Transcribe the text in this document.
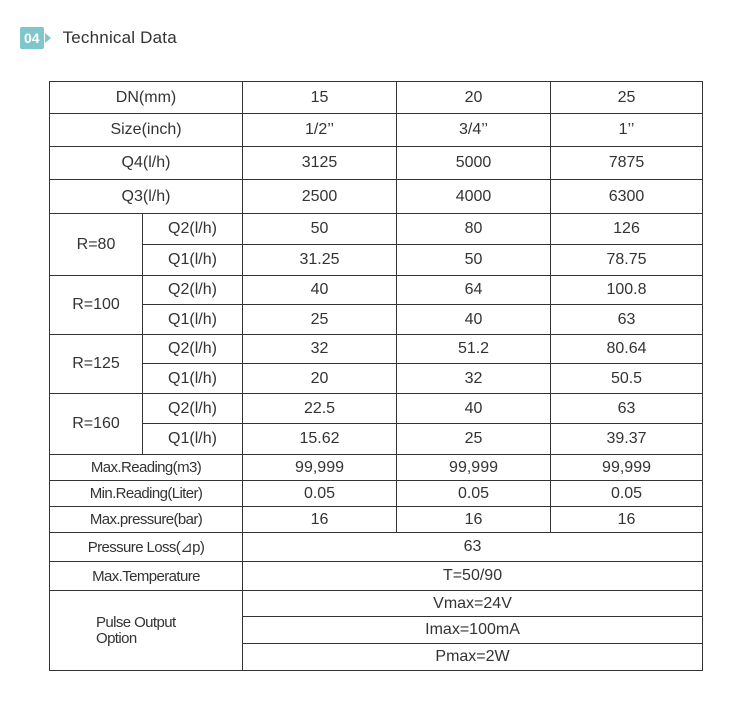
04 Technical Data
DN(mm)		15	20	25
Size(inch)		1/2’’	3/4’’	1’’
Q4(l/h)		3125	5000	7875
Q3(l/h)		2500	4000	6300
R=80	Q2(l/h)	50	80	126
	Q1(l/h)	31.25	50	78.75
R=100	Q2(l/h)	40	64	100.8
	Q1(l/h)	25	40	63
R=125	Q2(l/h)	32	51.2	80.64
	Q1(l/h)	20	32	50.5
R=160	Q2(l/h)	22.5	40	63
	Q1(l/h)	15.62	25	39.37
Max.Reading(m3)		99,999	99,999	99,999
Min.Reading(Liter)		0.05	0.05	0.05
Max.pressure(bar)		16	16	16
Pressure Loss(⊿p)		63		
Max.Temperature		T=50/90		

Pulse Output
Option		Vmax=24V		
		Imax=100mA		
		Pmax=2W		
